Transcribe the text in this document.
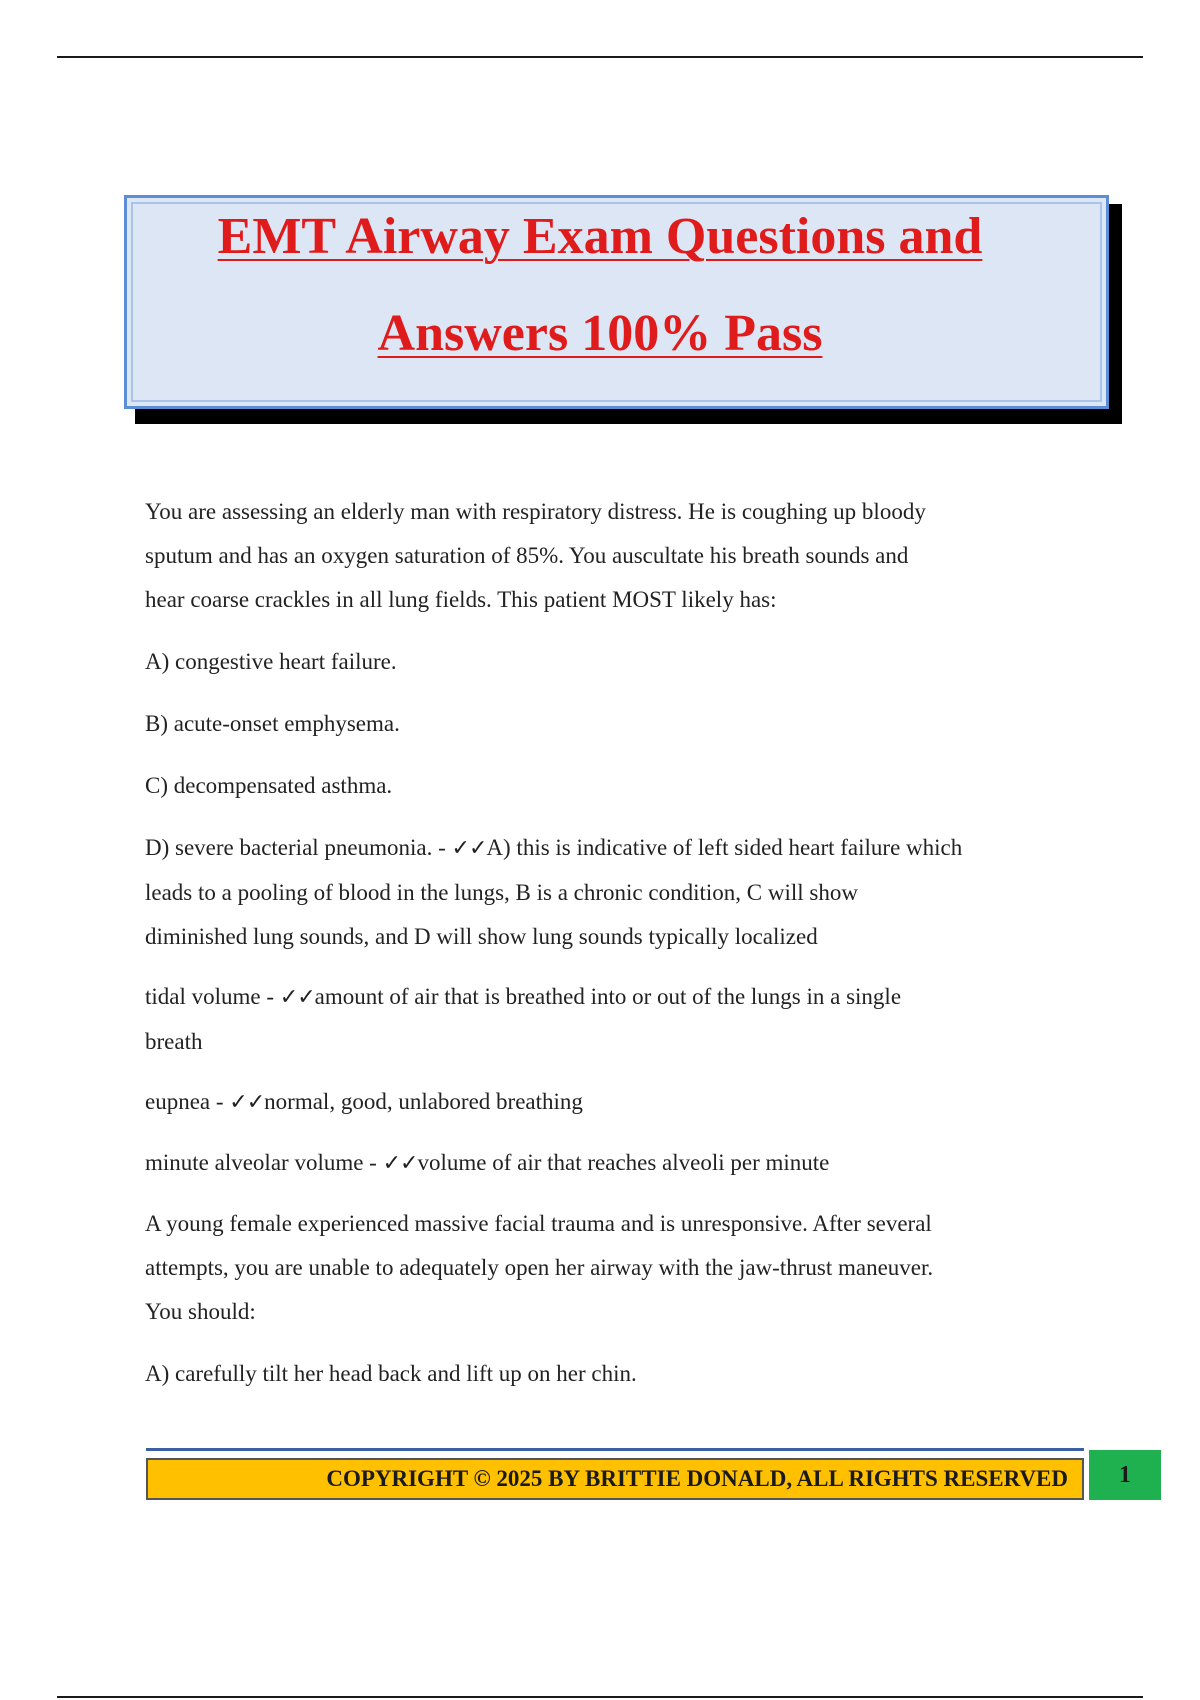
EMT Airway Exam Questions and
Answers 100% Pass

You are assessing an elderly man with respiratory distress. He is coughing up bloody

sputum and has an oxygen saturation of 85%. You auscultate his breath sounds and

hear coarse crackles in all lung fields. This patient MOST likely has:

A) congestive heart failure.

B) acute-onset emphysema.

C) decompensated asthma.

D) severe bacterial pneumonia. - ✓✓A) this is indicative of left sided heart failure which

leads to a pooling of blood in the lungs, B is a chronic condition, C will show

diminished lung sounds, and D will show lung sounds typically localized

tidal volume - ✓✓amount of air that is breathed into or out of the lungs in a single

breath

eupnea - ✓✓normal, good, unlabored breathing

minute alveolar volume - ✓✓volume of air that reaches alveoli per minute

A young female experienced massive facial trauma and is unresponsive. After several

attempts, you are unable to adequately open her airway with the jaw-thrust maneuver.

You should:

A) carefully tilt her head back and lift up on her chin.

COPYRIGHT © 2025 BY BRITTIE DONALD, ALL RIGHTS RESERVED	1
